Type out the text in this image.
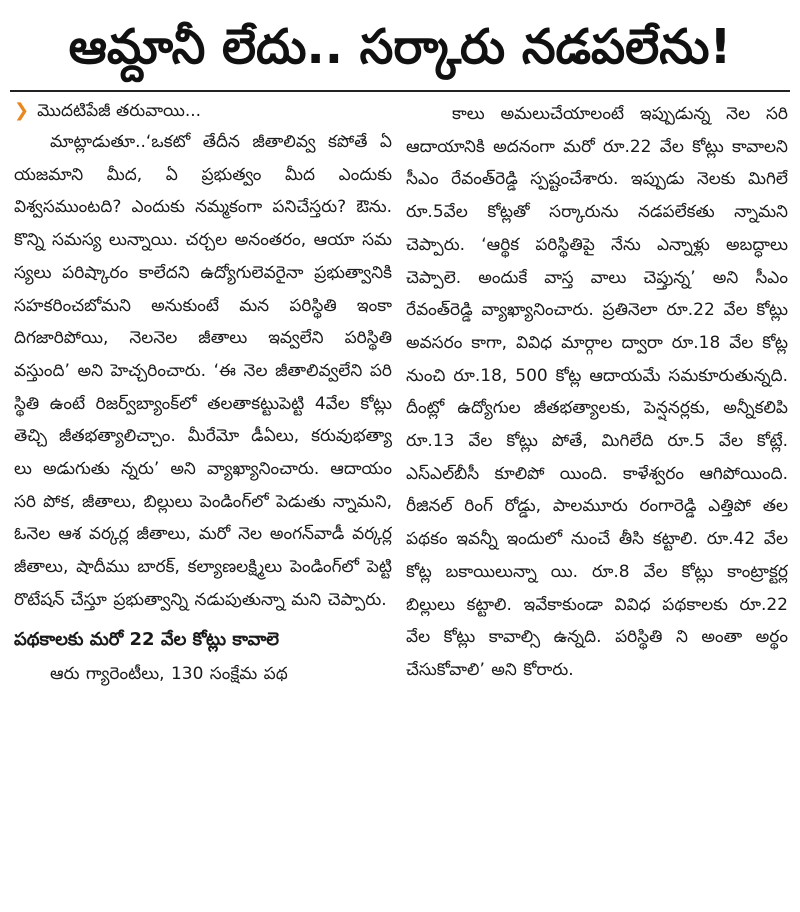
ఆమ్దానీ లేదు.. సర్కారు నడపలేను!
❯ మొదటిపేజీ తరువాయి...

మాట్లాడుతూ..‘ఒకటో తేదీన జీతాలివ్వ కపోతే ఏ యజమాని మీద, ఏ ప్రభుత్వం మీద ఎందుకు విశ్వసముంటది? ఎందుకు నమ్మకంగా పనిచేస్తరు? ఔను. కొన్ని సమస్య లున్నాయి. చర్చల అనంతరం, ఆయా సమ స్యలు పరిష్కారం కాలేదని ఉద్యోగులెవరైనా ప్రభుత్వానికి సహకరించబోమని అనుకుంటే మన పరిస్థితి ఇంకా దిగజారిపోయి, నెలనెల జీతాలు ఇవ్వలేని పరిస్థితి వస్తుంది’ అని హెచ్చరించారు. ‘ఈ నెల జీతాలివ్వలేని పరి స్థితి ఉంటే రిజర్వ్‌బ్యాంక్‌లో తలతాకట్టుపెట్టి 4వేల కోట్లు తెచ్చి జీతభత్యాలిచ్చాం. మీరేమో డీఏలు, కరువుభత్యా లు అడుగుతు న్నరు’ అని వ్యాఖ్యానించారు. ఆదాయం సరి పోక, జీతాలు, బిల్లులు పెండింగ్‌లో పెడుతు న్నామని, ఓనెల ఆశ వర్కర్ల జీతాలు, మరో నెల అంగన్‌వాడీ వర్కర్ల జీతాలు, షాదీము బారక్, కల్యాణలక్ష్మిలు పెండింగ్‌లో పెట్టి రొటేషన్ చేస్తూ ప్రభుత్వాన్ని నడుపుతున్నా మని చెప్పారు.

పథకాలకు మరో 22 వేల కోట్లు కావాలె

ఆరు గ్యారెంటీలు, 130 సంక్షేమ పథ

కాలు అమలుచేయాలంటే ఇప్పుడున్న నెల సరి ఆదాయానికి అదనంగా మరో రూ.22 వేల కోట్లు కావాలని సీఎం రేవంత్‌రెడ్డి స్పష్టంచేశారు. ఇప్పుడు నెలకు మిగిలే రూ.5వేల కోట్లతో సర్కారును నడపలేకతు న్నామని చెప్పారు. ‘ఆర్థిక పరిస్థితిపై నేను ఎన్నాళ్లు అబద్ధాలు చెప్పాలె. అందుకే వాస్త వాలు చెప్తున్న’ అని సీఎం రేవంత్‌రెడ్డి వ్యాఖ్యానించారు. ప్రతినెలా రూ.22 వేల కోట్లు అవసరం కాగా, వివిధ మార్గాల ద్వారా రూ.18 వేల కోట్ల నుంచి రూ.18, 500 కోట్ల ఆదాయమే సమకూరుతున్నది. దీంట్లో ఉద్యోగుల జీతభత్యాలకు, పెన్షనర్లకు, అన్నీకలిపి రూ.13 వేల కోట్లు పోతే, మిగిలేది రూ.5 వేల కోట్లే. ఎస్ఎల్‌బీసీ కూలిపో యింది. కాళేశ్వరం ఆగిపోయింది. రీజినల్ రింగ్ రోడ్డు, పాలమూరు రంగారెడ్డి ఎత్తిపో తల పథకం ఇవన్నీ ఇందులో నుంచే తీసి కట్టాలి. రూ.42 వేల కోట్ల బకాయిలున్నా యి. రూ.8 వేల కోట్లు కాంట్రాక్టర్ల బిల్లులు కట్టాలి. ఇవేకాకుండా వివిధ పథకాలకు రూ.22 వేల కోట్లు కావాల్సి ఉన్నది. పరిస్థితి ని అంతా అర్థం చేసుకోవాలి’ అని కోరారు.
